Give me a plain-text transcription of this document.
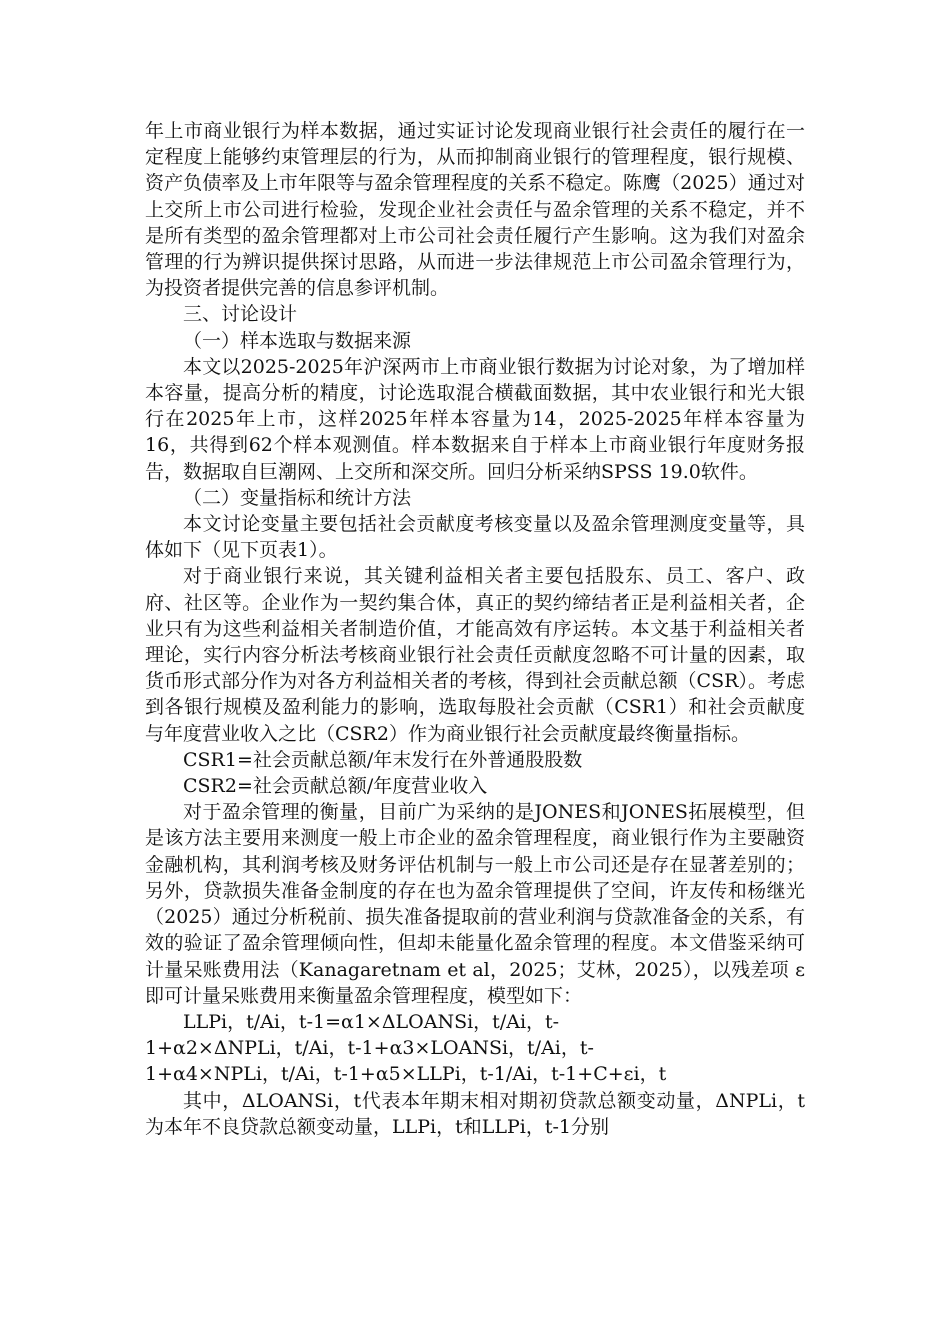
年上市商业银行为样本数据，通过实证讨论发现商业银行社会责任的履行在一定程度上能够约束管理层的行为，从而抑制商业银行的管理程度，银行规模、资产负债率及上市年限等与盈余管理程度的关系不稳定。陈鹰（2025）通过对上交所上市公司进行检验，发现企业社会责任与盈余管理的关系不稳定，并不是所有类型的盈余管理都对上市公司社会责任履行产生影响。这为我们对盈余管理的行为辨识提供探讨思路，从而进一步法律规范上市公司盈余管理行为，为投资者提供完善的信息参评机制。

三、讨论设计

（一）样本选取与数据来源

本文以2025-2025年沪深两市上市商业银行数据为讨论对象，为了增加样本容量，提高分析的精度，讨论选取混合横截面数据，其中农业银行和光大银行在2025年上市，这样2025年样本容量为14，2025-2025年样本容量为16，共得到62个样本观测值。样本数据来自于样本上市商业银行年度财务报告，数据取自巨潮网、上交所和深交所。回归分析采纳SPSS 19.0软件。

（二）变量指标和统计方法

本文讨论变量主要包括社会贡献度考核变量以及盈余管理测度变量等，具体如下（见下页表1）。

对于商业银行来说，其关键利益相关者主要包括股东、员工、客户、政府、社区等。企业作为一契约集合体，真正的契约缔结者正是利益相关者，企业只有为这些利益相关者制造价值，才能高效有序运转。本文基于利益相关者理论，实行内容分析法考核商业银行社会责任贡献度忽略不可计量的因素，取货币形式部分作为对各方利益相关者的考核，得到社会贡献总额（CSR）。考虑到各银行规模及盈利能力的影响，选取每股社会贡献（CSR1）和社会贡献度与年度营业收入之比（CSR2）作为商业银行社会贡献度最终衡量指标。

CSR1=社会贡献总额/年末发行在外普通股股数

CSR2=社会贡献总额/年度营业收入

对于盈余管理的衡量，目前广为采纳的是JONES和JONES拓展模型，但是该方法主要用来测度一般上市企业的盈余管理程度，商业银行作为主要融资金融机构，其利润考核及财务评估机制与一般上市公司还是存在显著差别的；另外，贷款损失准备金制度的存在也为盈余管理提供了空间，许友传和杨继光（2025）通过分析税前、损失准备提取前的营业利润与贷款准备金的关系，有效的验证了盈余管理倾向性，但却未能量化盈余管理的程度。本文借鉴采纳可计量呆账费用法（Kanagaretnam et al，2025；艾林，2025），以残差项 ε 即可计量呆账费用来衡量盈余管理程度，模型如下：

LLPi，t/Ai，t-1=α1×ΔLOANSi，t/Ai，t-

1+α2×ΔNPLi，t/Ai，t-1+α3×LOANSi，t/Ai，t-

1+α4×NPLi，t/Ai，t-1+α5×LLPi，t-1/Ai，t-1+C+εi，t

其中，ΔLOANSi，t代表本年期末相对期初贷款总额变动量，ΔNPLi，t为本年不良贷款总额变动量，LLPi，t和LLPi，t-1分别
